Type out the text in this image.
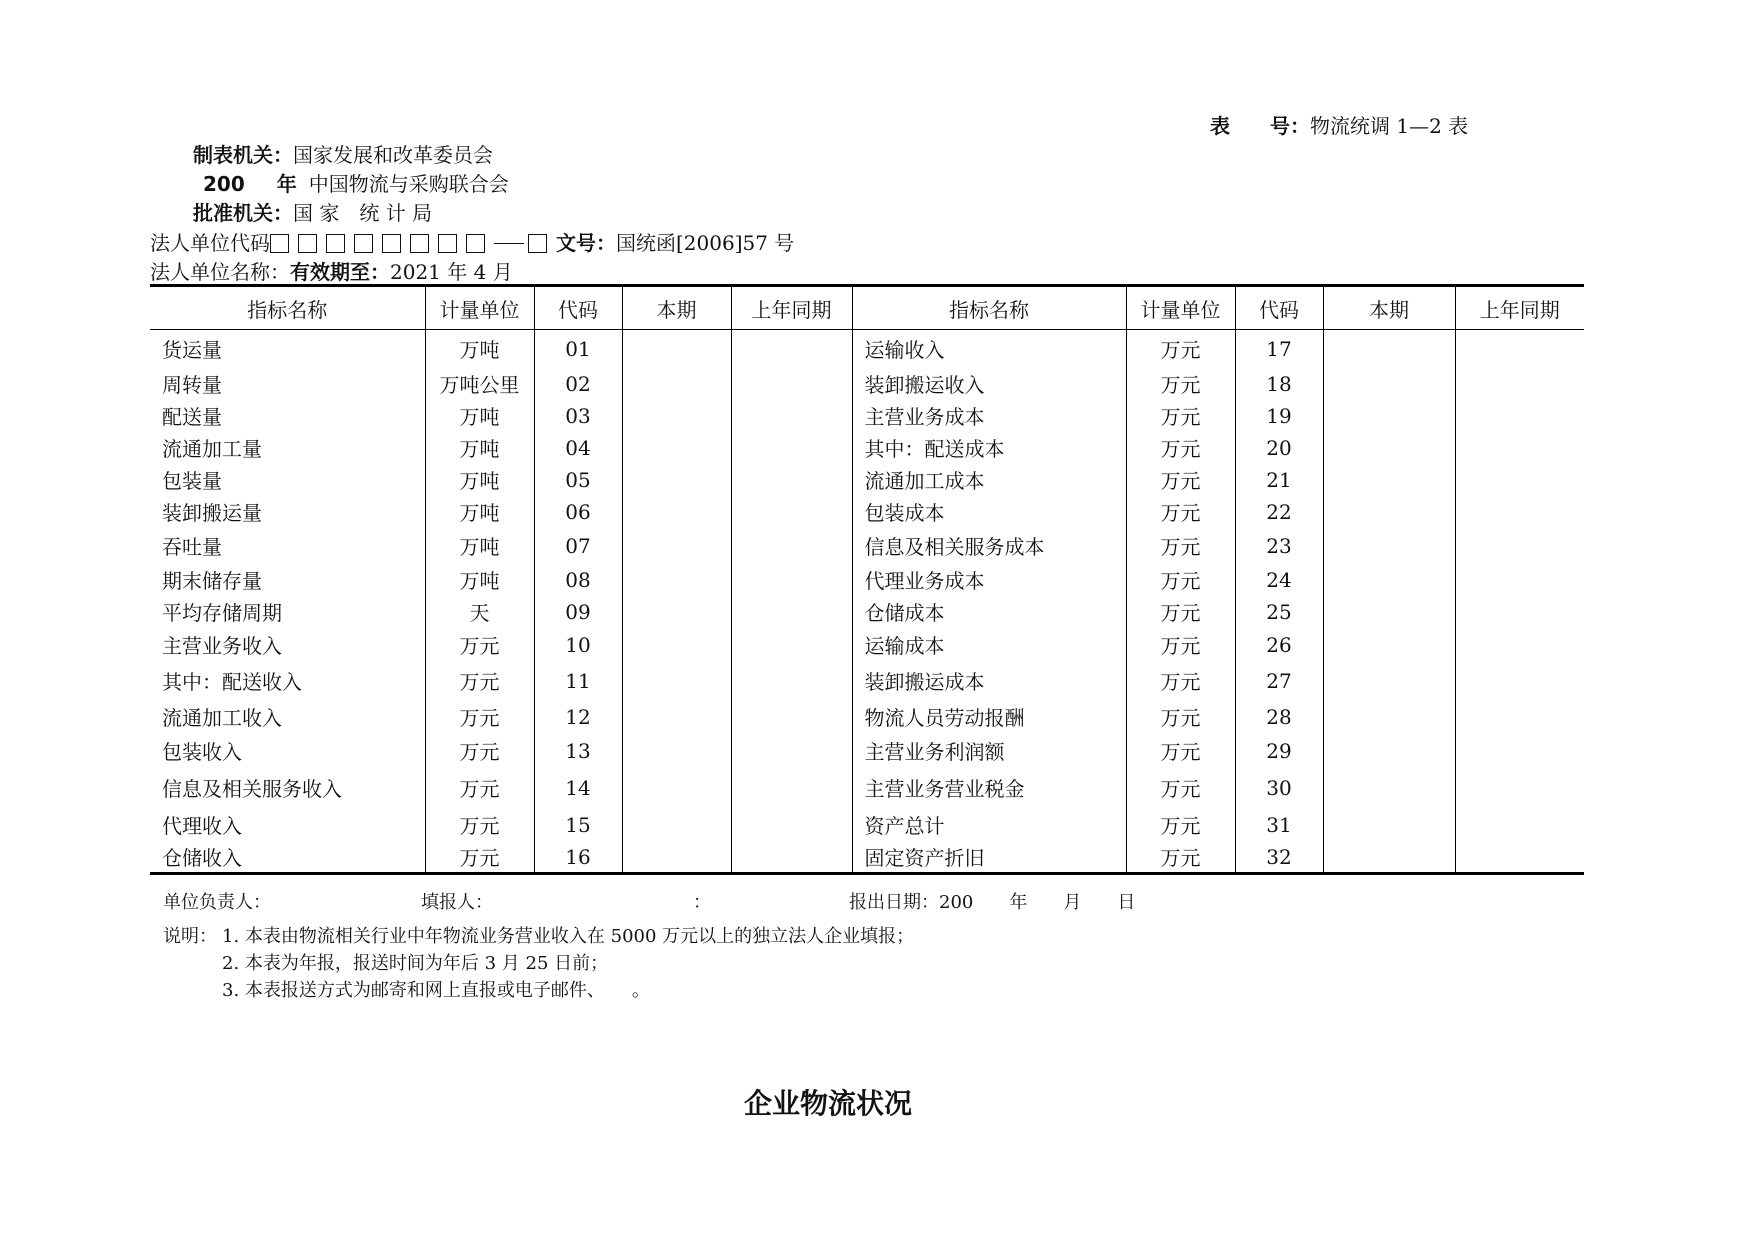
表　　号：物流统调 1—2 表
制表机关：国家发展和改革委员会
200 年 中国物流与采购联合会
批准机关：国 家　统 计 局
法人单位代码	文号：国统函[2006]57 号
法人单位名称：有效期至：2021 年 4 月
指标名称	计量单位	代码	本期	上年同期	指标名称	计量单位	代码	本期	上年同期
货运量	万吨	01			运输收入	万元	17		
周转量	万吨公里	02			装卸搬运收入	万元	18		
配送量	万吨	03			主营业务成本	万元	19		
流通加工量	万吨	04			其中：配送成本	万元	20		
包装量	万吨	05			流通加工成本	万元	21		
装卸搬运量	万吨	06			包装成本	万元	22		
吞吐量	万吨	07			信息及相关服务成本	万元	23		
期末储存量	万吨	08			代理业务成本	万元	24		
平均存储周期	天	09			仓储成本	万元	25		
主营业务收入	万元	10			运输成本	万元	26		
其中：配送收入	万元	11			装卸搬运成本	万元	27		
流通加工收入	万元	12			物流人员劳动报酬	万元	28		
包装收入	万元	13			主营业务利润额	万元	29		
信息及相关服务收入	万元	14			主营业务营业税金	万元	30		
代理收入	万元	15			资产总计	万元	31		
仓储收入	万元	16			固定资产折旧	万元	32		
单位负责人：	填报人：	：	报出日期：200　　年　　月　　日
说明： 1. 本表由物流相关行业中年物流业务营业收入在 5000 万元以上的独立法人企业填报；
2. 本表为年报，报送时间为年后 3 月 25 日前；
3. 本表报送方式为邮寄和网上直报或电子邮件、　　。
企业物流状况
